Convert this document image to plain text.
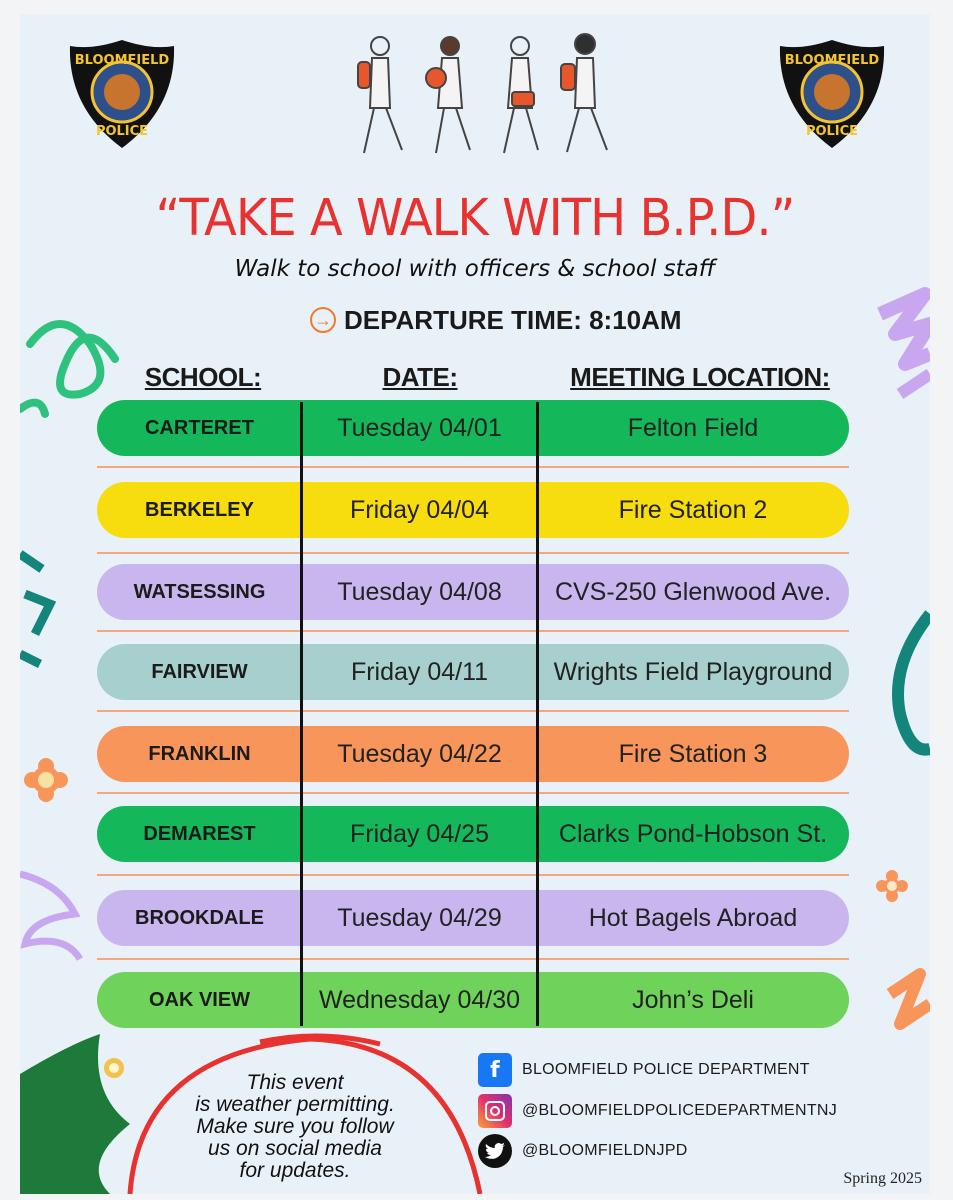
BLOOMFIELD
POLICE
BLOOMFIELD
POLICE
“TAKE A WALK WITH B.P.D.”
Walk to school with officers & school staff
→ DEPARTURE TIME: 8:10AM
SCHOOL:	DATE:	MEETING LOCATION:
CARTERET	Tuesday 04/01	Felton Field
BERKELEY	Friday 04/04	Fire Station 2
WATSESSING	Tuesday 04/08	CVS-250 Glenwood Ave.
FAIRVIEW	Friday 04/11	Wrights Field Playground
FRANKLIN	Tuesday 04/22	Fire Station 3
DEMAREST	Friday 04/25	Clarks Pond-Hobson St.
BROOKDALE	Tuesday 04/29	Hot Bagels Abroad
OAK VIEW	Wednesday 04/30	John’s Deli
This event
is weather permitting.
Make sure you follow
us on social media
for updates.
f	BLOOMFIELD POLICE DEPARTMENT
@BLOOMFIELDPOLICEDEPARTMENTNJ
@BLOOMFIELDNJPD
Spring 2025
